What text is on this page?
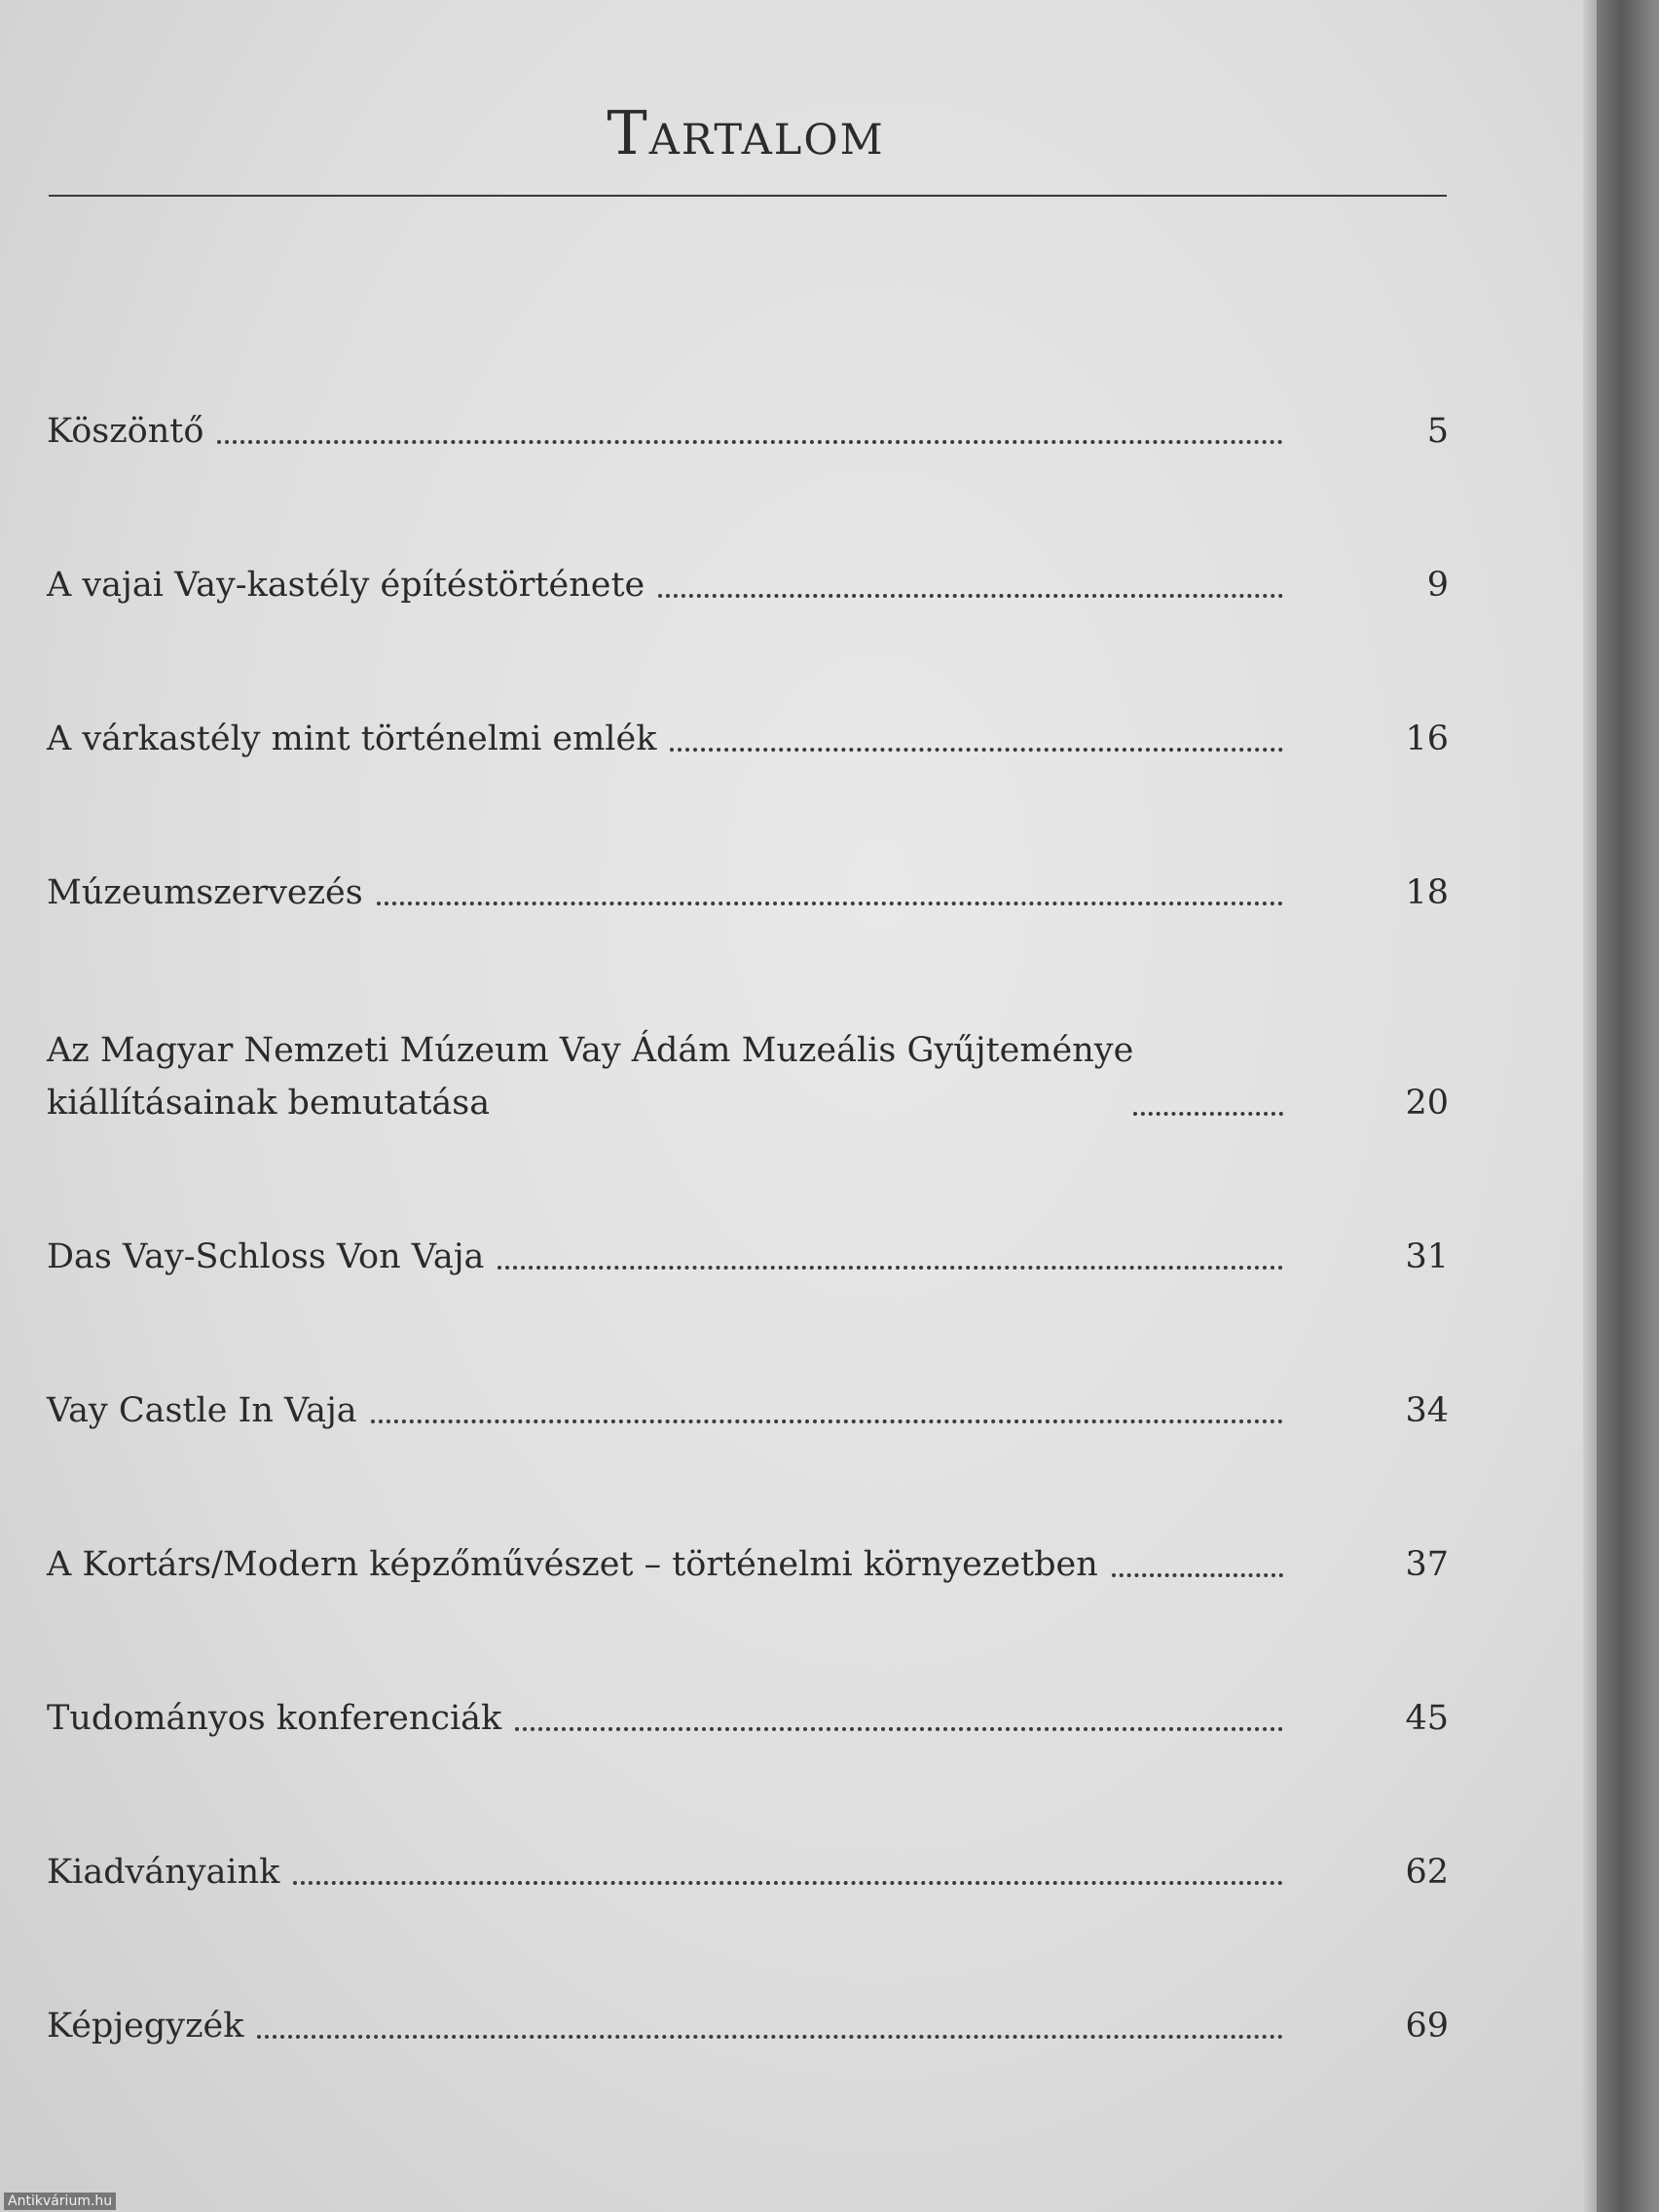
Tartalom
Köszöntő	5
A vajai Vay-kastély építéstörténete	9
A várkastély mint történelmi emlék	16
Múzeumszervezés	18
Az Magyar Nemzeti Múzeum Vay Ádám Muzeális Gyűjteménye
kiállításainak bemutatása	20
Das Vay-Schloss Von Vaja	31
Vay Castle In Vaja	34
A Kortárs/Modern képzőművészet – történelmi környezetben	37
Tudományos konferenciák	45
Kiadványaink	62
Képjegyzék	69
Antikvárium.hu
